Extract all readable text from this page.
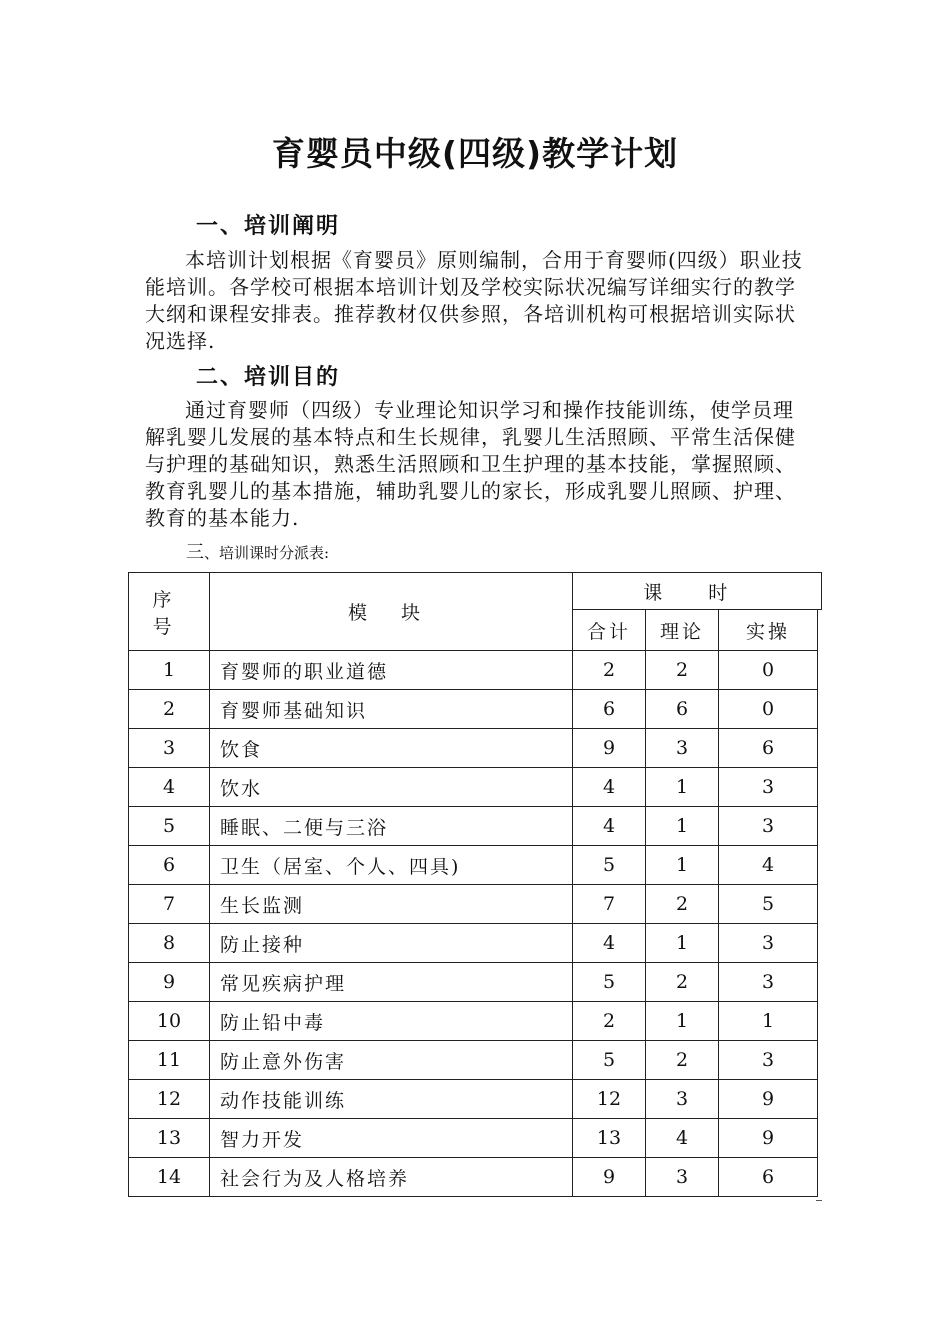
育婴员中级(四级)教学计划
一、培训阐明

本培训计划根据《育婴员》原则编制，合用于育婴师(四级）职业技能培训。各学校可根据本培训计划及学校实际状况编写详细实行的教学大纲和课程安排表。推荐教材仅供参照，各培训机构可根据培训实际状况选择.

二、培训目的

通过育婴师（四级）专业理论知识学习和操作技能训练，使学员理解乳婴儿发展的基本特点和生长规律，乳婴儿生活照顾、平常生活保健与护理的基础知识，熟悉生活照顾和卫生护理的基本技能，掌握照顾、教育乳婴儿的基本措施，辅助乳婴儿的家长，形成乳婴儿照顾、护理、教育的基本能力.

三、培训课时分派表:
序 号	模 块	课 时		
		合计	理论	实操
1	育婴师的职业道德	2	2	0
2	育婴师基础知识	6	6	0
3	饮食	9	3	6
4	饮水	4	1	3
5	睡眠、二便与三浴	4	1	3
6	卫生（居室、个人、四具)	5	1	4
7	生长监测	7	2	5
8	防止接种	4	1	3
9	常见疾病护理	5	2	3
10	防止铅中毒	2	1	1
11	防止意外伤害	5	2	3
12	动作技能训练	12	3	9
13	智力开发	13	4	9
14	社会行为及人格培养	9	3	6
